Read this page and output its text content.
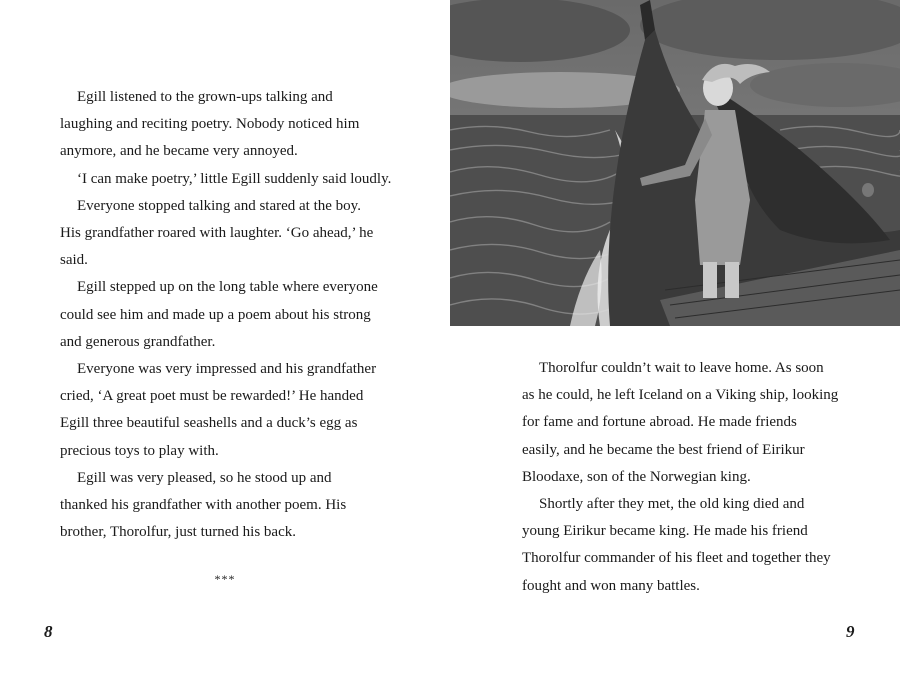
Egill listened to the grown-ups talking and
laughing and reciting poetry. Nobody noticed him
anymore, and he became very annoyed.

‘I can make poetry,’ little Egill suddenly said loudly.

Everyone stopped talking and stared at the boy.
His grandfather roared with laughter. ‘Go ahead,’ he
said.

Egill stepped up on the long table where everyone
could see him and made up a poem about his strong
and generous grandfather.

Everyone was very impressed and his grandfather
cried, ‘A great poet must be rewarded!’ He handed
Egill three beautiful seashells and a duck’s egg as
precious toys to play with.

Egill was very pleased, so he stood up and
thanked his grandfather with another poem. His
brother, Thorolfur, just turned his back.

***
8

Thorolfur couldn’t wait to leave home. As soon
as he could, he left Iceland on a Viking ship, looking
for fame and fortune abroad. He made friends
easily, and he became the best friend of Eirikur
Bloodaxe, son of the Norwegian king.

Shortly after they met, the old king died and
young Eirikur became king. He made his friend
Thorolfur commander of his fleet and together they
fought and won many battles.

9
